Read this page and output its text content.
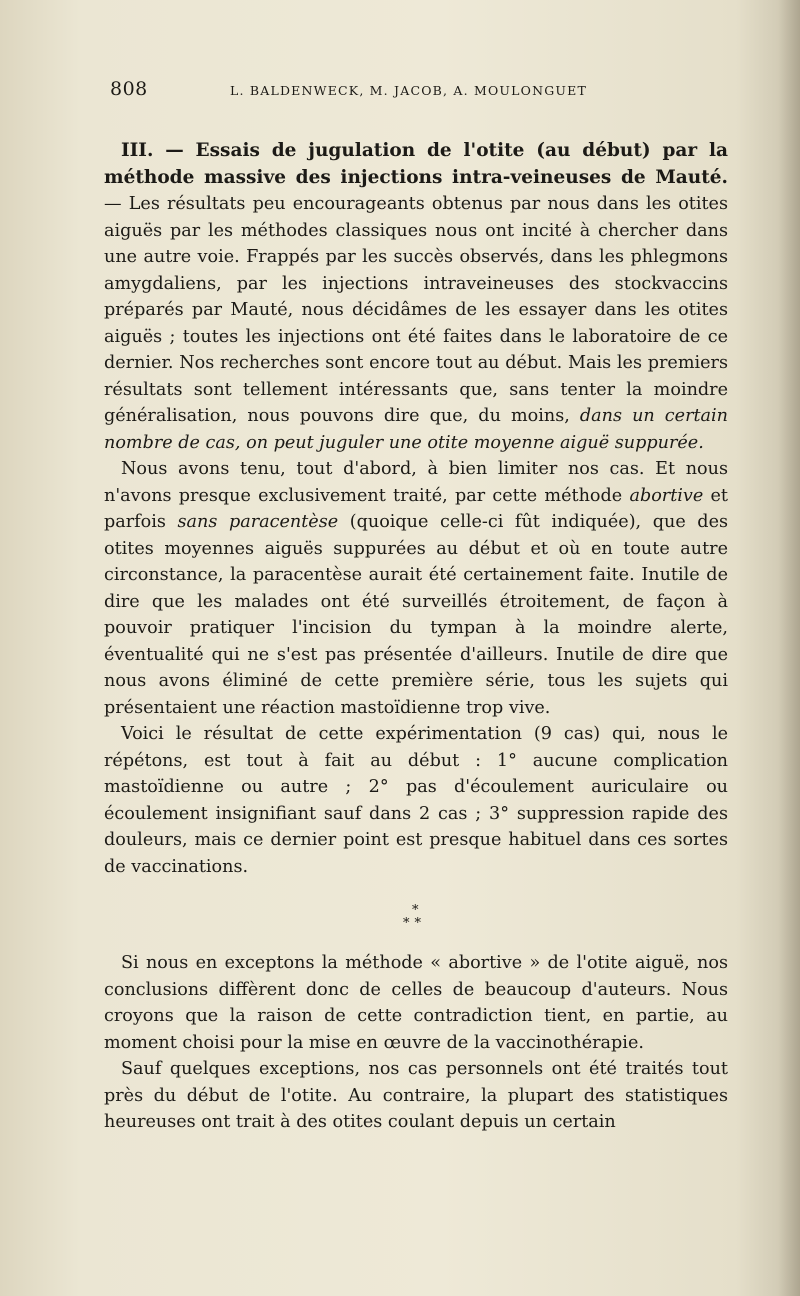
808	L. BALDENWECK, M. JACOB, A. MOULONGUET

III. — Essais de jugulation de l'otite (au début) par la méthode massive des injections intra-veineuses de Mauté. — Les résultats peu encourageants obtenus par nous dans les otites aiguës par les méthodes classiques nous ont incité à chercher dans une autre voie. Frappés par les succès observés, dans les phlegmons amygdaliens, par les injections intraveineuses des stockvaccins préparés par Mauté, nous décidâmes de les essayer dans les otites aiguës ; toutes les injections ont été faites dans le laboratoire de ce dernier. Nos recherches sont encore tout au début. Mais les premiers résultats sont tellement intéressants que, sans tenter la moindre généralisation, nous pouvons dire que, du moins, dans un certain nombre de cas, on peut juguler une otite moyenne aiguë suppurée.

Nous avons tenu, tout d'abord, à bien limiter nos cas. Et nous n'avons presque exclusivement traité, par cette méthode abortive et parfois sans paracentèse (quoique celle-ci fût indiquée), que des otites moyennes aiguës suppurées au début et où en toute autre circonstance, la paracentèse aurait été certainement faite. Inutile de dire que les malades ont été surveillés étroitement, de façon à pouvoir pratiquer l'incision du tympan à la moindre alerte, éventualité qui ne s'est pas présentée d'ailleurs. Inutile de dire que nous avons éliminé de cette première série, tous les sujets qui présentaient une réaction mastoïdienne trop vive.

Voici le résultat de cette expérimentation (9 cas) qui, nous le répétons, est tout à fait au début : 1° aucune complication mastoïdienne ou autre ; 2° pas d'écoulement auriculaire ou écoulement insignifiant sauf dans 2 cas ; 3° suppression rapide des douleurs, mais ce dernier point est presque habituel dans ces sortes de vaccinations.

*
**

Si nous en exceptons la méthode « abortive » de l'otite aiguë, nos conclusions diffèrent donc de celles de beaucoup d'auteurs. Nous croyons que la raison de cette contradiction tient, en partie, au moment choisi pour la mise en œuvre de la vaccinothérapie.

Sauf quelques exceptions, nos cas personnels ont été traités tout près du début de l'otite. Au contraire, la plupart des statistiques heureuses ont trait à des otites coulant depuis un certain
